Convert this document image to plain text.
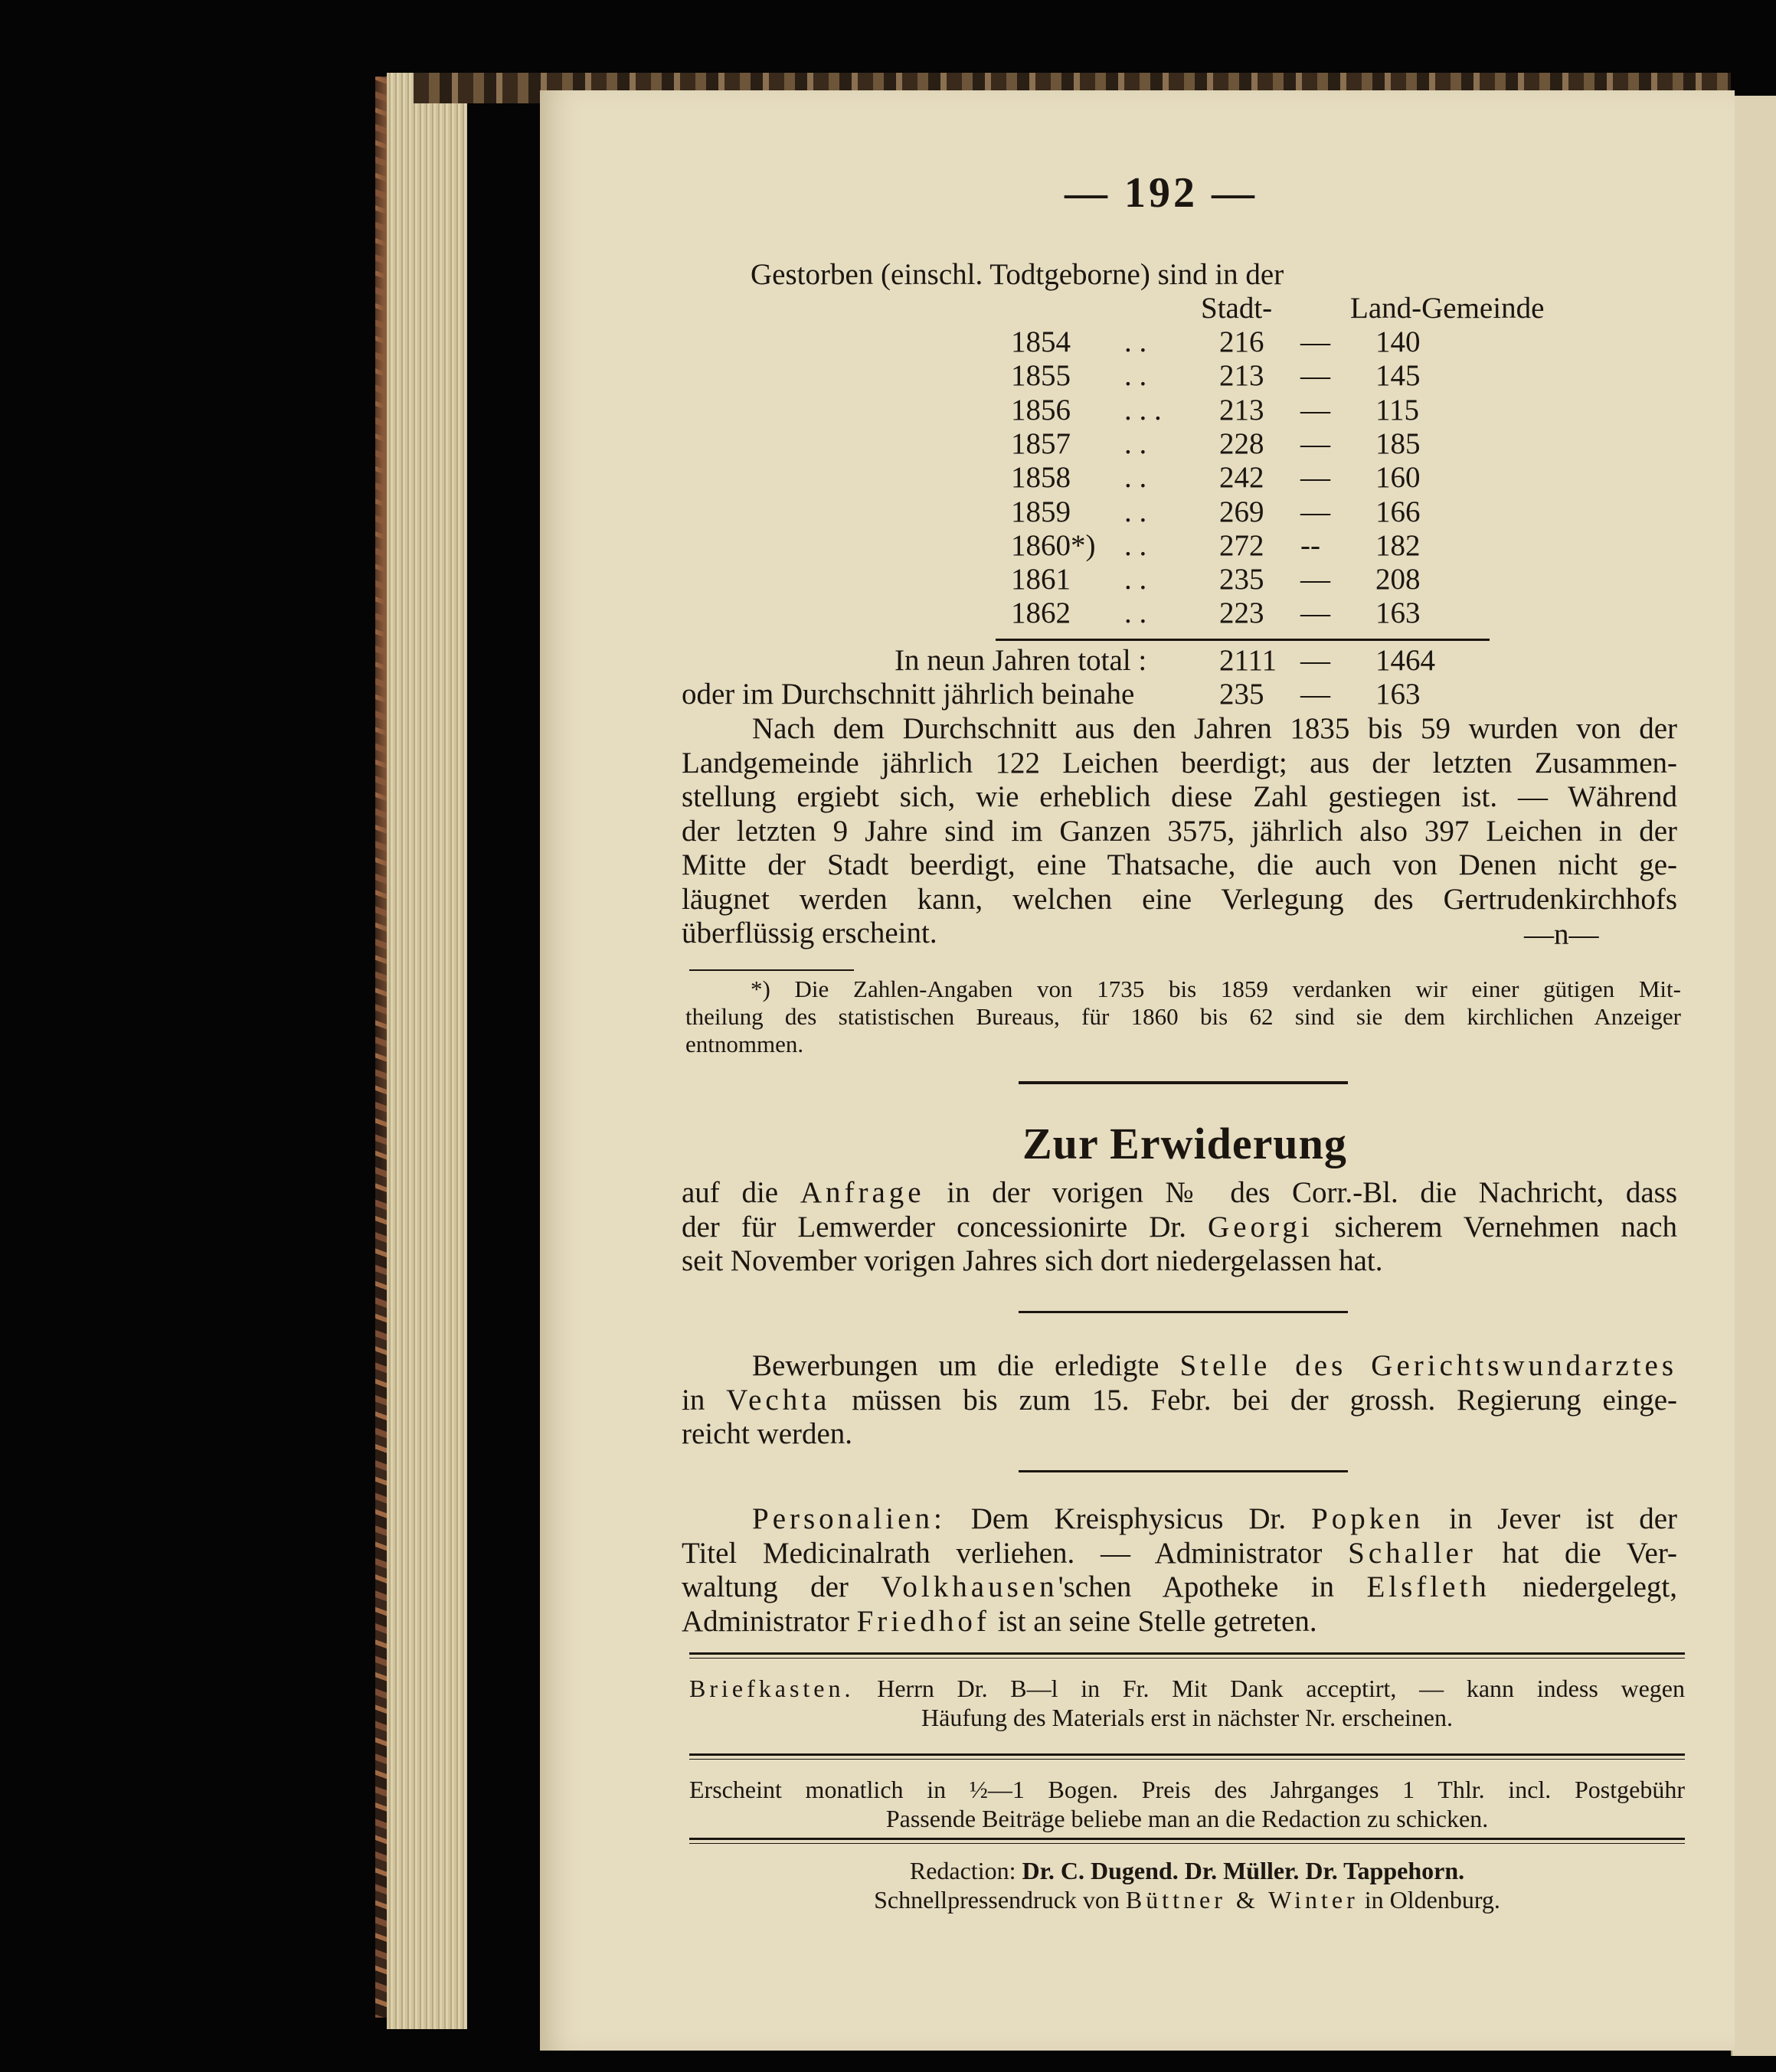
— 192 —
Gestorben (einschl. Todtgeborne) sind in der
Stadt-	Land-Gemeinde
1854 . . 216 — 140
1855 . . 213 — 145
1856 . . . 213 — 115
1857 . . 228 — 185
1858 . . 242 — 160
1859 . . 269 — 166
1860*) . . 272 -- 182
1861 . . 235 — 208
1862 . . 223 — 163
In neun Jahren total : 2111 — 1464
oder im Durchschnitt jährlich beinahe	235 — 163
Nach dem Durchschnitt aus den Jahren 1835 bis 59 wurden von der
Landgemeinde jährlich 122 Leichen beerdigt; aus der letzten Zusammen-
stellung ergiebt sich, wie erheblich diese Zahl gestiegen ist. — Während
der letzten 9 Jahre sind im Ganzen 3575, jährlich also 397 Leichen in der
Mitte der Stadt beerdigt, eine Thatsache, die auch von Denen nicht ge-
läugnet werden kann, welchen eine Verlegung des Gertrudenkirchhofs
überflüssig erscheint.	—n—
*) Die Zahlen-Angaben von 1735 bis 1859 verdanken wir einer gütigen Mit-
theilung des statistischen Bureaus, für 1860 bis 62 sind sie dem kirchlichen Anzeiger
entnommen.
Zur Erwiderung
auf die Anfrage in der vorigen № des Corr.-Bl. die Nachricht, dass
der für Lemwerder concessionirte Dr. Georgi sicherem Vernehmen nach
seit November vorigen Jahres sich dort niedergelassen hat.
Bewerbungen um die erledigte Stelle des Gerichtswundarztes
in Vechta müssen bis zum 15. Febr. bei der grossh. Regierung einge-
reicht werden.
Personalien: Dem Kreisphysicus Dr. Popken in Jever ist der
Titel Medicinalrath verliehen. — Administrator Schaller hat die Ver-
waltung der Volkhausen'schen Apotheke in Elsfleth niedergelegt,
Administrator Friedhof ist an seine Stelle getreten.
Briefkasten. Herrn Dr. B—l in Fr. Mit Dank acceptirt, — kann indess wegen
Häufung des Materials erst in nächster Nr. erscheinen.
Erscheint monatlich in ½—1 Bogen. Preis des Jahrganges 1 Thlr. incl. Postgebühr
Passende Beiträge beliebe man an die Redaction zu schicken.
Redaction: Dr. C. Dugend. Dr. Müller. Dr. Tappehorn.
Schnellpressendruck von Büttner & Winter in Oldenburg.
